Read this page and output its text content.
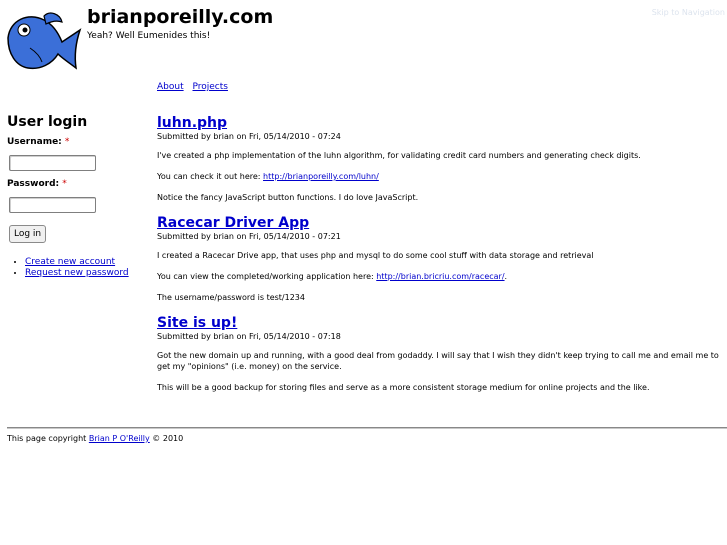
brianporeilly.com
Yeah? Well Eumenides this!
Skip to Navigation
About Projects
User login
Username: *
Password: *
Log in
• Create new account
• Request new password
luhn.php
Submitted by brian on Fri, 05/14/2010 - 07:24

I've created a php implementation of the luhn algorithm, for validating credit card numbers and generating check digits.

You can check it out here: http://brianporeilly.com/luhn/

Notice the fancy JavaScript button functions. I do love JavaScript.

Racecar Driver App
Submitted by brian on Fri, 05/14/2010 - 07:21

I created a Racecar Drive app, that uses php and mysql to do some cool stuff with data storage and retrieval

You can view the completed/working application here: http://brian.bricriu.com/racecar/.

The username/password is test/1234

Site is up!
Submitted by brian on Fri, 05/14/2010 - 07:18

Got the new domain up and running, with a good deal from godaddy. I will say that I wish they didn't keep trying to call me and email me to get my "opinions" (i.e. money) on the service.

This will be a good backup for storing files and serve as a more consistent storage medium for online projects and the like.

This page copyright Brian P O'Reilly © 2010
